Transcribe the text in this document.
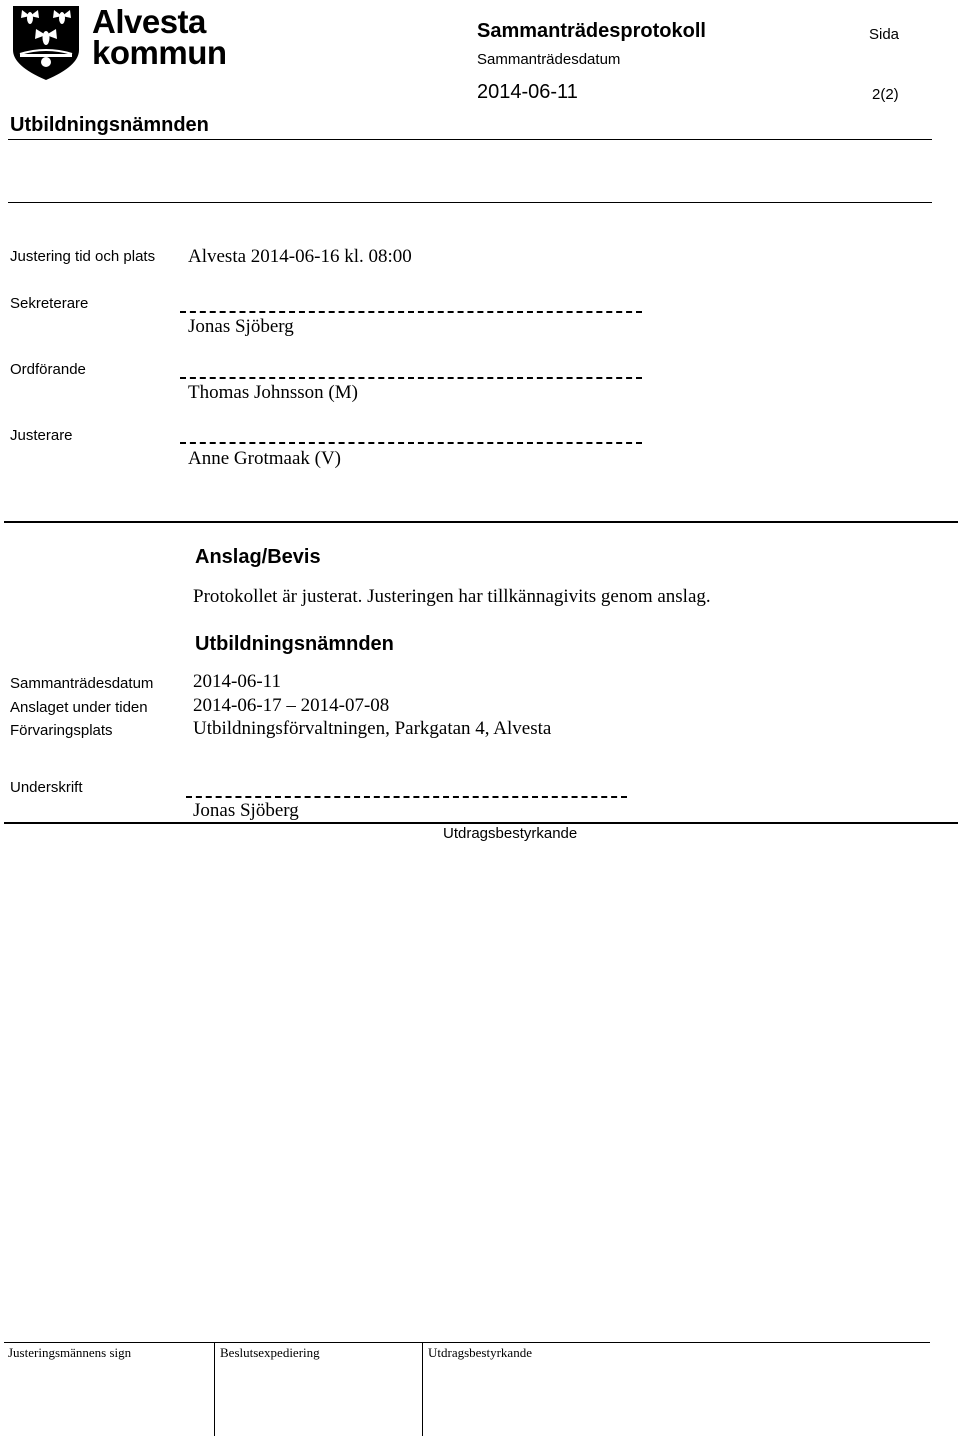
Alvesta
kommun
Sammanträdesprotokoll
Sammanträdesdatum
2014-06-11
Sida
2(2)
Utbildningsnämnden
Justering tid och plats Alvesta 2014-06-16 kl. 08:00
Sekreterare
Jonas Sjöberg
Ordförande
Thomas Johnsson (M)
Justerare
Anne Grotmaak (V)
Anslag/Bevis
Protokollet är justerat. Justeringen har tillkännagivits genom anslag.
Utbildningsnämnden
Sammanträdesdatum 2014-06-11
Anslaget under tiden 2014-06-17 – 2014-07-08
Förvaringsplats	Utbildningsförvaltningen, Parkgatan 4, Alvesta
Underskrift
Jonas Sjöberg
Utdragsbestyrkande
Justeringsmännens sign	Beslutsexpediering	Utdragsbestyrkande
